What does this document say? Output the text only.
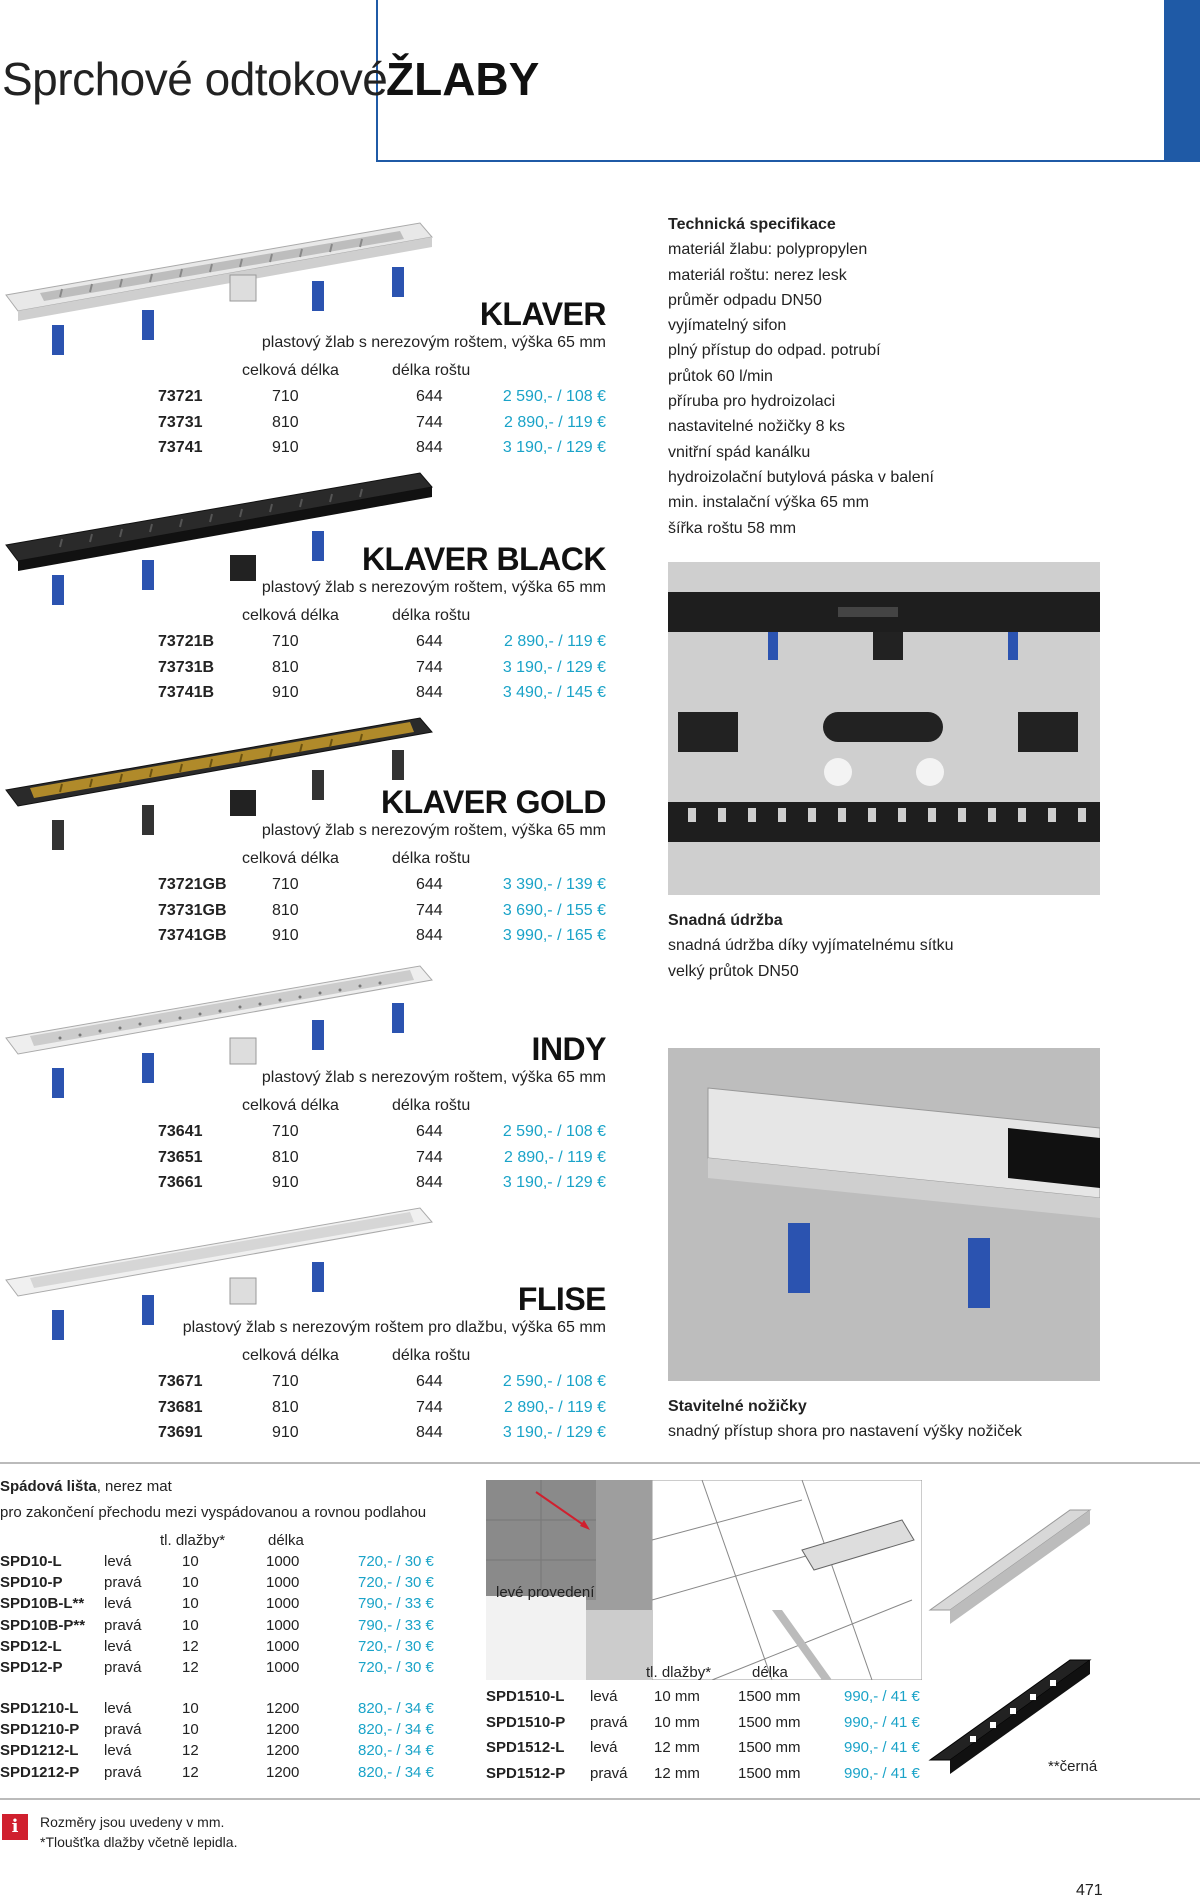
Sprchové odtokové
ŽLABY
KLAVER
plastový žlab s nerezovým roštem, výška 65 mm
celková délka	délka roštu
73721	710	644	2 590,- / 108 €
73731	810	744	2 890,- / 119 €
73741	910	844	3 190,- / 129 €
KLAVER BLACK
plastový žlab s nerezovým roštem, výška 65 mm
celková délka	délka roštu
73721B	710	644	2 890,- / 119 €
73731B	810	744	3 190,- / 129 €
73741B	910	844	3 490,- / 145 €
KLAVER GOLD
plastový žlab s nerezovým roštem, výška 65 mm
celková délka	délka roštu
73721GB	710	644	3 390,- / 139 €
73731GB	810	744	3 690,- / 155 €
73741GB	910	844	3 990,- / 165 €
INDY
plastový žlab s nerezovým roštem, výška 65 mm
celková délka	délka roštu
73641	710	644	2 590,- / 108 €
73651	810	744	2 890,- / 119 €
73661	910	844	3 190,- / 129 €
FLISE
plastový žlab s nerezovým roštem pro dlažbu, výška 65 mm
celková délka	délka roštu
73671	710	644	2 590,- / 108 €
73681	810	744	2 890,- / 119 €
73691	910	844	3 190,- / 129 €
Technická specifikace
materiál žlabu: polypropylen
materiál roštu: nerez lesk
průměr odpadu DN50
vyjímatelný sifon
plný přístup do odpad. potrubí
průtok 60 l/min
příruba pro hydroizolaci
nastavitelné nožičky 8 ks
vnitřní spád kanálku
hydroizolační butylová páska v balení
min. instalační výška 65 mm
šířka roštu 58 mm
Snadná údržba
snadná údržba díky vyjímatelnému sítku
velký průtok DN50
Stavitelné nožičky
snadný přístup shora pro nastavení výšky nožiček
Spádová lišta, nerez mat
pro zakončení přechodu mezi vyspádovanou a rovnou podlahou
tl. dlažby*	délka
SPD10-L	levá	10	1000	720,- / 30 €
SPD10-P	pravá	10	1000	720,- / 30 €
SPD10B-L** levá	10	1000	790,- / 33 €
SPD10B-P** pravá	10	1000	790,- / 33 €
SPD12-L	levá	12	1000	720,- / 30 €
SPD12-P	pravá	12	1000	720,- / 30 €
SPD1210-L levá	10	1200	820,- / 34 €
SPD1210-P pravá	10	1200	820,- / 34 €
SPD1212-L levá	12	1200	820,- / 34 €
SPD1212-P pravá	12	1200	820,- / 34 €
levé provedení
tl. dlažby*	délka
SPD1510-L levá 10 mm	1500 mm	990,- / 41 €
SPD1510-P pravá 10 mm	1500 mm	990,- / 41 €
SPD1512-L levá 12 mm	1500 mm	990,- / 41 €
SPD1512-P pravá 12 mm	1500 mm	990,- / 41 €	**černá
i	Rozměry jsou uvedeny v mm.
*Tloušťka dlažby včetně lepidla.
471
